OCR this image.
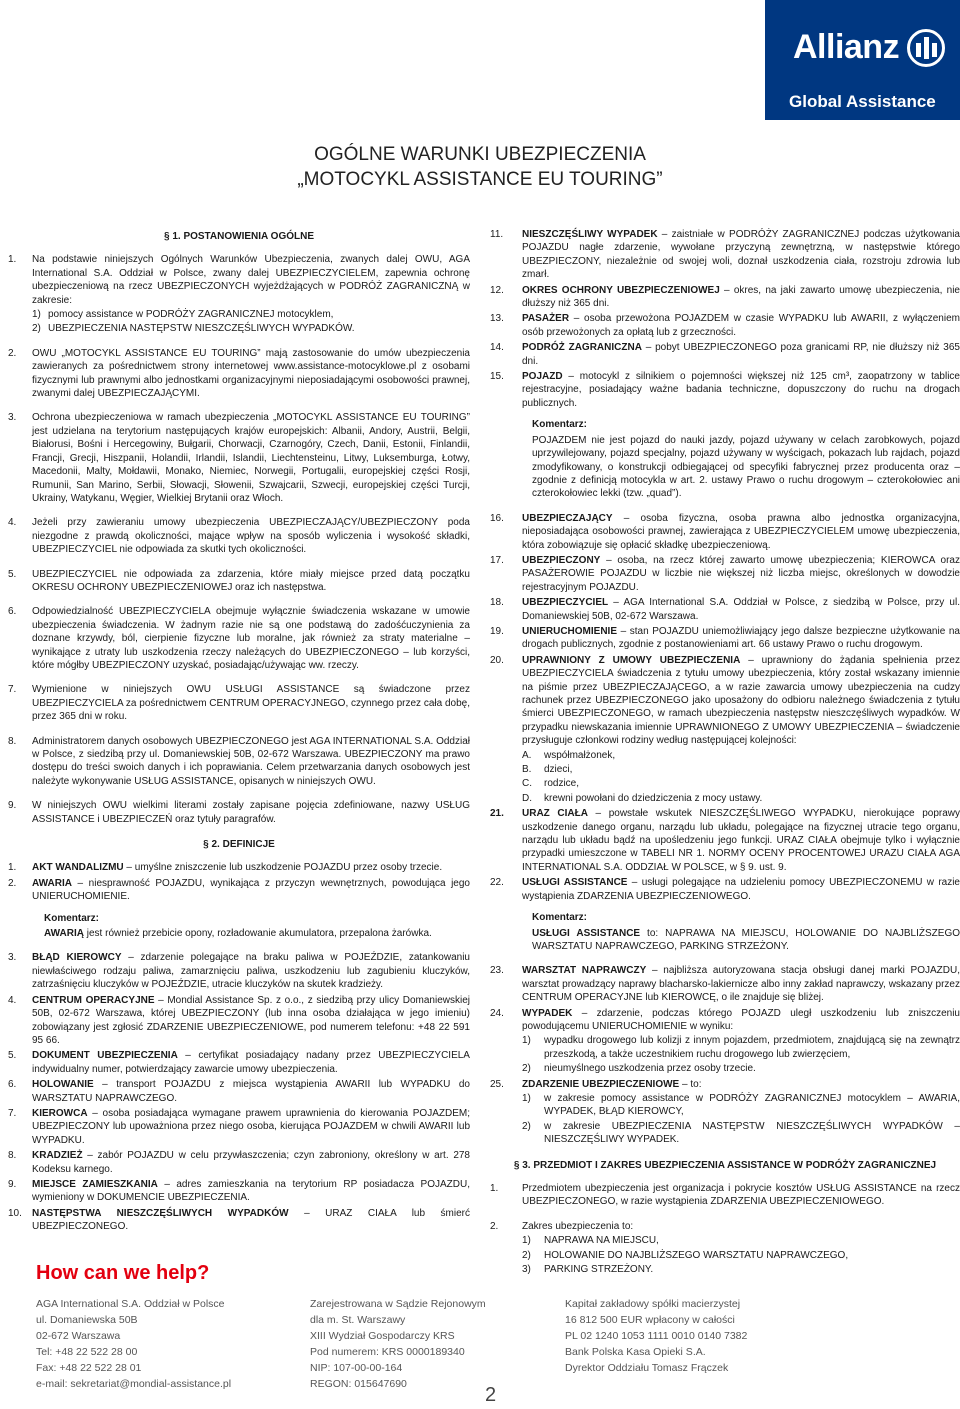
Allianz
Global Assistance
OGÓLNE WARUNKI UBEZPIECZENIA
„MOTOCYKL ASSISTANCE EU TOURING”
§ 1. POSTANOWIENIA OGÓLNE
1.	Na podstawie niniejszych Ogólnych Warunków Ubezpieczenia, zwanych dalej OWU, AGA International S.A. Oddział w Polsce, zwany dalej UBEZPIECZYCIELEM, zapewnia ochronę ubezpieczeniową na rzecz UBEZPIECZONYCH wyjeżdżających w PODRÓŻ ZAGRANICZNĄ w zakresie:
1) pomocy assistance w PODRÓŻY ZAGRANICZNEJ motocyklem,
2) UBEZPIECZENIA NASTĘPSTW NIESZCZĘŚLIWYCH WYPADKÓW.
2.	OWU „MOTOCYKL ASSISTANCE EU TOURING” mają zastosowanie do umów ubezpieczenia zawieranych za pośrednictwem strony internetowej www.assistance-motocyklowe.pl z osobami fizycznymi lub prawnymi albo jednostkami organizacyjnymi nieposiadającymi osobowości prawnej, zwanymi dalej UBEZPIECZAJĄCYMI.
3.	Ochrona ubezpieczeniowa w ramach ubezpieczenia „MOTOCYKL ASSISTANCE EU TOURING” jest udzielana na terytorium następujących krajów europejskich: Albanii, Andory, Austrii, Belgii, Białorusi, Bośni i Hercegowiny, Bułgarii, Chorwacji, Czarnogóry, Czech, Danii, Estonii, Finlandii, Francji, Grecji, Hiszpanii, Holandii, Irlandii, Islandii, Liechtensteinu, Litwy, Luksemburga, Łotwy, Macedonii, Malty, Mołdawii, Monako, Niemiec, Norwegii, Portugalii, europejskiej części Rosji, Rumunii, San Marino, Serbii, Słowacji, Słowenii, Szwajcarii, Szwecji, europejskiej części Turcji, Ukrainy, Watykanu, Węgier, Wielkiej Brytanii oraz Włoch.
4.	Jeżeli przy zawieraniu umowy ubezpieczenia UBEZPIECZAJĄCY/UBEZPIECZONY poda niezgodne z prawdą okoliczności, mające wpływ na sposób wyliczenia i wysokość składki, UBEZPIECZYCIEL nie odpowiada za skutki tych okoliczności.
5.	UBEZPIECZYCIEL nie odpowiada za zdarzenia, które miały miejsce przed datą początku OKRESU OCHRONY UBEZPIECZENIOWEJ oraz ich następstwa.
6.	Odpowiedzialność UBEZPIECZYCIELA obejmuje wyłącznie świadczenia wskazane w umowie ubezpieczenia świadczenia. W żadnym razie nie są one podstawą do zadośćuczynienia za doznane krzywdy, ból, cierpienie fizyczne lub moralne, jak również za straty materialne – wynikające z utraty lub uszkodzenia rzeczy należących do UBEZPIECZONEGO – lub korzyści, które mógłby UBEZPIECZONY uzyskać, posiadając/używając ww. rzeczy.
7.	Wymienione w niniejszych OWU USŁUGI ASSISTANCE są świadczone przez UBEZPIECZYCIELA za pośrednictwem CENTRUM OPERACYJNEGO, czynnego przez cała dobę, przez 365 dni w roku.
8.	Administratorem danych osobowych UBEZPIECZONEGO jest AGA INTERNATIONAL S.A. Oddział w Polsce, z siedzibą przy ul. Domaniewskiej 50B, 02-672 Warszawa. UBEZPIECZONY ma prawo dostępu do treści swoich danych i ich poprawiania. Celem przetwarzania danych osobowych jest należyte wykonywanie USŁUG ASSISTANCE, opisanych w niniejszych OWU.
9.	W niniejszych OWU wielkimi literami zostały zapisane pojęcia zdefiniowane, nazwy USŁUG ASSISTANCE i UBEZPIECZEŃ oraz tytuły paragrafów.
§ 2. DEFINICJE
1.	AKT WANDALIZMU – umyślne zniszczenie lub uszkodzenie POJAZDU przez osoby trzecie.
2.	AWARIA – niesprawność POJAZDU, wynikająca z przyczyn wewnętrznych, powodująca jego UNIERUCHOMIENIE.
Komentarz:
AWARIĄ jest również przebicie opony, rozładowanie akumulatora, przepalona żarówka.
3.	BŁĄD KIEROWCY – zdarzenie polegające na braku paliwa w POJEŹDZIE, zatankowaniu niewłaściwego rodzaju paliwa, zamarznięciu paliwa, uszkodzeniu lub zagubieniu kluczyków, zatrzaśnięciu kluczyków w POJEŹDZIE, utracie kluczyków na skutek kradzieży.
4.	CENTRUM OPERACYJNE – Mondial Assistance Sp. z o.o., z siedzibą przy ulicy Domaniewskiej 50B, 02-672 Warszawa, której UBEZPIECZONY (lub inna osoba działająca w jego imieniu) zobowiązany jest zgłosić ZDARZENIE UBEZPIECZENIOWE, pod numerem telefonu: +48 22 591 95 66.
5.	DOKUMENT UBEZPIECZENIA – certyfikat posiadający nadany przez UBEZPIECZYCIELA indywidualny numer, potwierdzający zawarcie umowy ubezpieczenia.
6.	HOLOWANIE – transport POJAZDU z miejsca wystąpienia AWARII lub WYPADKU do WARSZTATU NAPRAWCZEGO.
7.	KIEROWCA – osoba posiadająca wymagane prawem uprawnienia do kierowania POJAZDEM; UBEZPIECZONY lub upoważniona przez niego osoba, kierująca POJAZDEM w chwili AWARII lub WYPADKU.
8.	KRADZIEŻ – zabór POJAZDU w celu przywłaszczenia; czyn zabroniony, określony w art. 278 Kodeksu karnego.
9.	MIEJSCE ZAMIESZKANIA – adres zamieszkania na terytorium RP posiadacza POJAZDU, wymieniony w DOKUMENCIE UBEZPIECZENIA.
10.	NASTĘPSTWA NIESZCZĘŚLIWYCH WYPADKÓW – URAZ CIAŁA lub śmierć UBEZPIECZONEGO.
11.	NIESZCZĘŚLIWY WYPADEK – zaistniałe w PODRÓŻY ZAGRANICZNEJ podczas użytkowania POJAZDU nagłe zdarzenie, wywołane przyczyną zewnętrzną, w następstwie którego UBEZPIECZONY, niezależnie od swojej woli, doznał uszkodzenia ciała, rozstroju zdrowia lub zmarł.
12.	OKRES OCHRONY UBEZPIECZENIOWEJ – okres, na jaki zawarto umowę ubezpieczenia, nie dłuższy niż 365 dni.
13.	PASAŻER – osoba przewożona POJAZDEM w czasie WYPADKU lub AWARII, z wyłączeniem osób przewożonych za opłatą lub z grzeczności.
14.	PODRÓŻ ZAGRANICZNA – pobyt UBEZPIECZONEGO poza granicami RP, nie dłuższy niż 365 dni.
15.	POJAZD – motocykl z silnikiem o pojemności większej niż 125 cm³, zaopatrzony w tablice rejestracyjne, posiadający ważne badania techniczne, dopuszczony do ruchu na drogach publicznych.
Komentarz:
POJAZDEM nie jest pojazd do nauki jazdy, pojazd używany w celach zarobkowych, pojazd uprzywilejowany, pojazd specjalny, pojazd używany w wyścigach, pokazach lub rajdach, pojazd zmodyfikowany, o konstrukcji odbiegającej od specyfiki fabrycznej przez producenta oraz – zgodnie z definicją motocykla w art. 2. ustawy Prawo o ruchu drogowym – czterokołowiec ani czterokołowiec lekki (tzw. „quad”).
16.	UBEZPIECZAJĄCY – osoba fizyczna, osoba prawna albo jednostka organizacyjna, nieposiadająca osobowości prawnej, zawierająca z UBEZPIECZYCIELEM umowę ubezpieczenia, która zobowiązuje się opłacić składkę ubezpieczeniową.
17.	UBEZPIECZONY – osoba, na rzecz której zawarto umowę ubezpieczenia; KIEROWCA oraz PASAŻEROWIE POJAZDU w liczbie nie większej niż liczba miejsc, określonych w dowodzie rejestracyjnym POJAZDU.
18.	UBEZPIECZYCIEL – AGA International S.A. Oddział w Polsce, z siedzibą w Polsce, przy ul. Domaniewskiej 50B, 02-672 Warszawa.
19.	UNIERUCHOMIENIE – stan POJAZDU uniemożliwiający jego dalsze bezpieczne użytkowanie na drogach publicznych, zgodnie z postanowieniami art. 66 ustawy Prawo o ruchu drogowym.
20.	UPRAWNIONY Z UMOWY UBEZPIECZENIA – uprawniony do żądania spełnienia przez UBEZPIECZYCIELA świadczenia z tytułu umowy ubezpieczenia, który został wskazany imiennie na piśmie przez UBEZPIECZAJĄCEGO, a w razie zawarcia umowy ubezpieczenia na cudzy rachunek przez UBEZPIECZONEGO jako uposażony do odbioru należnego świadczenia z tytułu śmierci UBEZPIECZONEGO, w ramach ubezpieczenia następstw nieszczęśliwych wypadków. W przypadku niewskazania imiennie UPRAWNIONEGO Z UMOWY UBEZPIECZENIA – świadczenie przysługuje członkowi rodziny według następującej kolejności:
A.	współmałżonek,
B.	dzieci,
C.	rodzice,
D.	krewni powołani do dziedziczenia z mocy ustawy.
21.	URAZ CIAŁA – powstałe wskutek NIESZCZĘŚLIWEGO WYPADKU, nierokujące poprawy uszkodzenie danego organu, narządu lub układu, polegające na fizycznej utracie tego organu, narządu lub układu bądź na upośledzeniu jego funkcji. URAZ CIAŁA obejmuje tylko i wyłącznie przypadki umieszczone w TABELI NR 1. NORMY OCENY PROCENTOWEJ URAZU CIAŁA AGA INTERNATIONAL S.A. ODDZIAŁ W POLSCE, w § 9. ust. 9.
22.	USŁUGI ASSISTANCE – usługi polegające na udzieleniu pomocy UBEZPIECZONEMU w razie wystąpienia ZDARZENIA UBEZPIECZENIOWEGO.
Komentarz:
USŁUGI ASSISTANCE to: NAPRAWA NA MIEJSCU, HOLOWANIE DO NAJBLIŻSZEGO WARSZTATU NAPRAWCZEGO, PARKING STRZEŻONY.
23.	WARSZTAT NAPRAWCZY – najbliższa autoryzowana stacja obsługi danej marki POJAZDU, warsztat prowadzący naprawy blacharsko-lakiernicze albo inny zakład naprawczy, wskazany przez CENTRUM OPERACYJNE lub KIEROWCĘ, o ile znajduje się bliżej.
24.	WYPADEK – zdarzenie, podczas którego POJAZD uległ uszkodzeniu lub zniszczeniu powodującemu UNIERUCHOMIENIE w wyniku:
1)	wypadku drogowego lub kolizji z innym pojazdem, przedmiotem, znajdującą się na zewnątrz przeszkodą, a także uczestnikiem ruchu drogowego lub zwierzęciem,
2)	nieumyślnego uszkodzenia przez osoby trzecie.
25.	ZDARZENIE UBEZPIECZENIOWE – to:
1)	w zakresie pomocy assistance w PODRÓŻY ZAGRANICZNEJ motocyklem – AWARIA, WYPADEK, BŁĄD KIEROWCY,
2)	w zakresie UBEZPIECZENIA NASTĘPSTW NIESZCZĘŚLIWYCH WYPADKÓW – NIESZCZĘŚLIWY WYPADEK.
§ 3. PRZEDMIOT I ZAKRES UBEZPIECZENIA ASSISTANCE W PODRÓŻY ZAGRANICZNEJ
1.	Przedmiotem ubezpieczenia jest organizacja i pokrycie kosztów USŁUG ASSISTANCE na rzecz UBEZPIECZONEGO, w razie wystąpienia ZDARZENIA UBEZPIECZENIOWEGO.
2.	Zakres ubezpieczenia to:
1)	NAPRAWA NA MIEJSCU,
2)	HOLOWANIE DO NAJBLIŻSZEGO WARSZTATU NAPRAWCZEGO,
3)	PARKING STRZEŻONY.
How can we help?
AGA International S.A. Oddział w Polsce
ul. Domaniewska 50B
02-672 Warszawa
Tel: +48 22 522 28 00
Fax: +48 22 522 28 01
e-mail: sekretariat@mondial-assistance.pl
Zarejestrowana w Sądzie Rejonowym
dla m. St. Warszawy
XIII Wydział Gospodarczy KRS
Pod numerem: KRS 0000189340
NIP: 107-00-00-164
REGON: 015647690
Kapitał zakładowy spółki macierzystej
16 812 500 EUR wpłacony w całości
PL 02 1240 1053 1111 0010 0140 7382
Bank Polska Kasa Opieki S.A.
Dyrektor Oddziału Tomasz Frączek
2
